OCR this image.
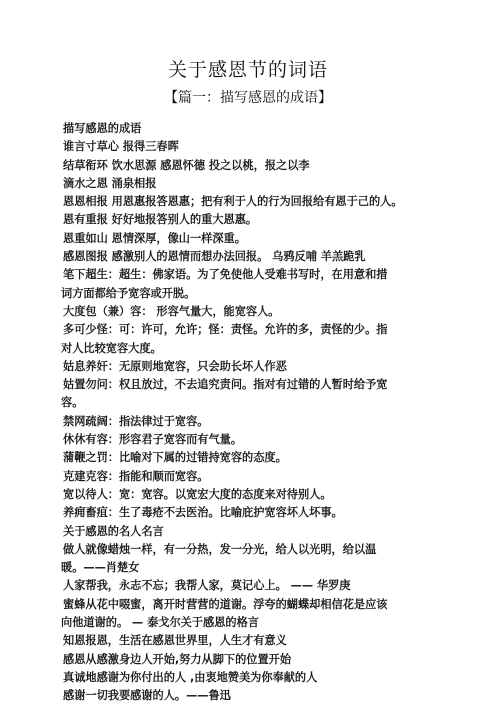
关于感恩节的词语
【篇一：描写感恩的成语】
描写感恩的成语
谁言寸草心 报得三春晖
结草衔环 饮水思源 感恩怀德 投之以桃，报之以李
滴水之恩 涌泉相报
恩恩相报 用恩惠报答恩惠；把有利于人的行为回报给有恩于己的人。
恩有重报 好好地报答别人的重大恩惠。
恩重如山 恩情深厚，像山一样深重。
感恩图报 感激别人的恩情而想办法回报。 乌鸦反哺 羊羔跪乳
笔下超生：超生：佛家语。为了免使他人受难书写时，在用意和措
词方面都给予宽容或开脱。
大度包（兼）容： 形容气量大，能宽容人。
多可少怪：可：许可，允许；怪：责怪。允许的多，责怪的少。指
对人比较宽容大度。
姑息养奸：无原则地宽容，只会助长坏人作恶
姑置勿问：权且放过，不去追究责问。指对有过错的人暂时给予宽
容。
禁网疏阔：指法律过于宽容。
休休有容：形容君子宽容而有气量。
蒲鞭之罚：比喻对下属的过错持宽容的态度。
克建克容：指能和顺而宽容。
宽以待人：宽：宽容。以宽宏大度的态度来对待别人。
养痈畜疽：生了毒疮不去医治。比喻庇护宽容坏人坏事。
关于感恩的名人名言
做人就像蜡烛一样，有一分热，发一分光，给人以光明，给以温
暖。——肖楚女
人家帮我，永志不忘；我帮人家，莫记心上。 —— 华罗庚
蜜蜂从花中啜蜜，离开时营营的道谢。浮夸的蝴蝶却相信花是应该
向他道谢的。 — 泰戈尔关于感恩的格言
知恩报恩，生活在感恩世界里，人生才有意义
感恩从感激身边人开始,努力从脚下的位置开始
真诚地感谢为你付出的人 ,由衷地赞美为你奉献的人
感谢一切我要感谢的人。——鲁迅
